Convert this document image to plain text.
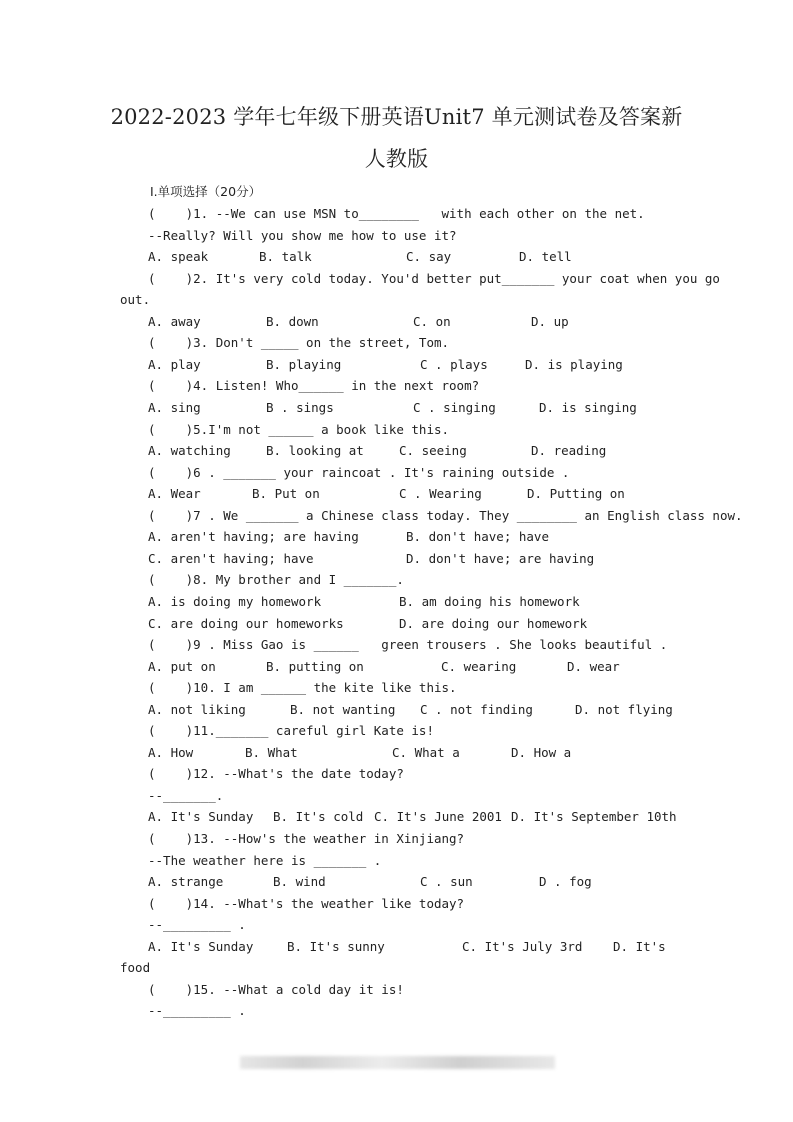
2022-2023 学年七年级下册英语Unit7 单元测试卷及答案新
人教版

I.单项选择（20分）

(    )1. --We can use MSN to________   with each other on the net.
--Really? Will you show me how to use it?
A. speak	B. talk	C. say	D. tell
(    )2. It's very cold today. You'd better put_______ your coat when you go
out.
A. away	B. down	C. on	D. up
(    )3. Don't _____ on the street, Tom.
A. play	B. playing	C . plays	D. is playing
(    )4. Listen! Who______ in the next room?
A. sing	B . sings	C . singing	D. is singing
(    )5.I'm not ______ a book like this.
A. watching	B. looking at	C. seeing	D. reading
(    )6 . _______ your raincoat . It's raining outside .
A. Wear	B. Put on	C . Wearing	D. Putting on
(    )7 . We _______ a Chinese class today. They ________ an English class now.
A. aren't having; are having	B. don't have; have
C. aren't having; have	D. don't have; are having
(    )8. My brother and I _______.
A. is doing my homework	B. am doing his homework
C. are doing our homeworks	D. are doing our homework
(    )9 . Miss Gao is ______   green trousers . She looks beautiful .
A. put on	B. putting on	C. wearing	D. wear
(    )10. I am ______ the kite like this.
A. not liking	B. not wanting C . not finding	D. not flying
(    )11._______ careful girl Kate is!
A. How	B. What	C. What a	D. How a
(    )12. --What's the date today?
--_______.
A. It's Sunday B. It's cold C. It's June 2001 D. It's September 10th
(    )13. --How's the weather in Xinjiang?
--The weather here is _______ .
A. strange	B. wind	C . sun	D . fog
(    )14. --What's the weather like today?
--_________ .
A. It's Sunday	B. It's sunny	C. It's July 3rd D. It's
food
(    )15. --What a cold day it is!
--_________ .
